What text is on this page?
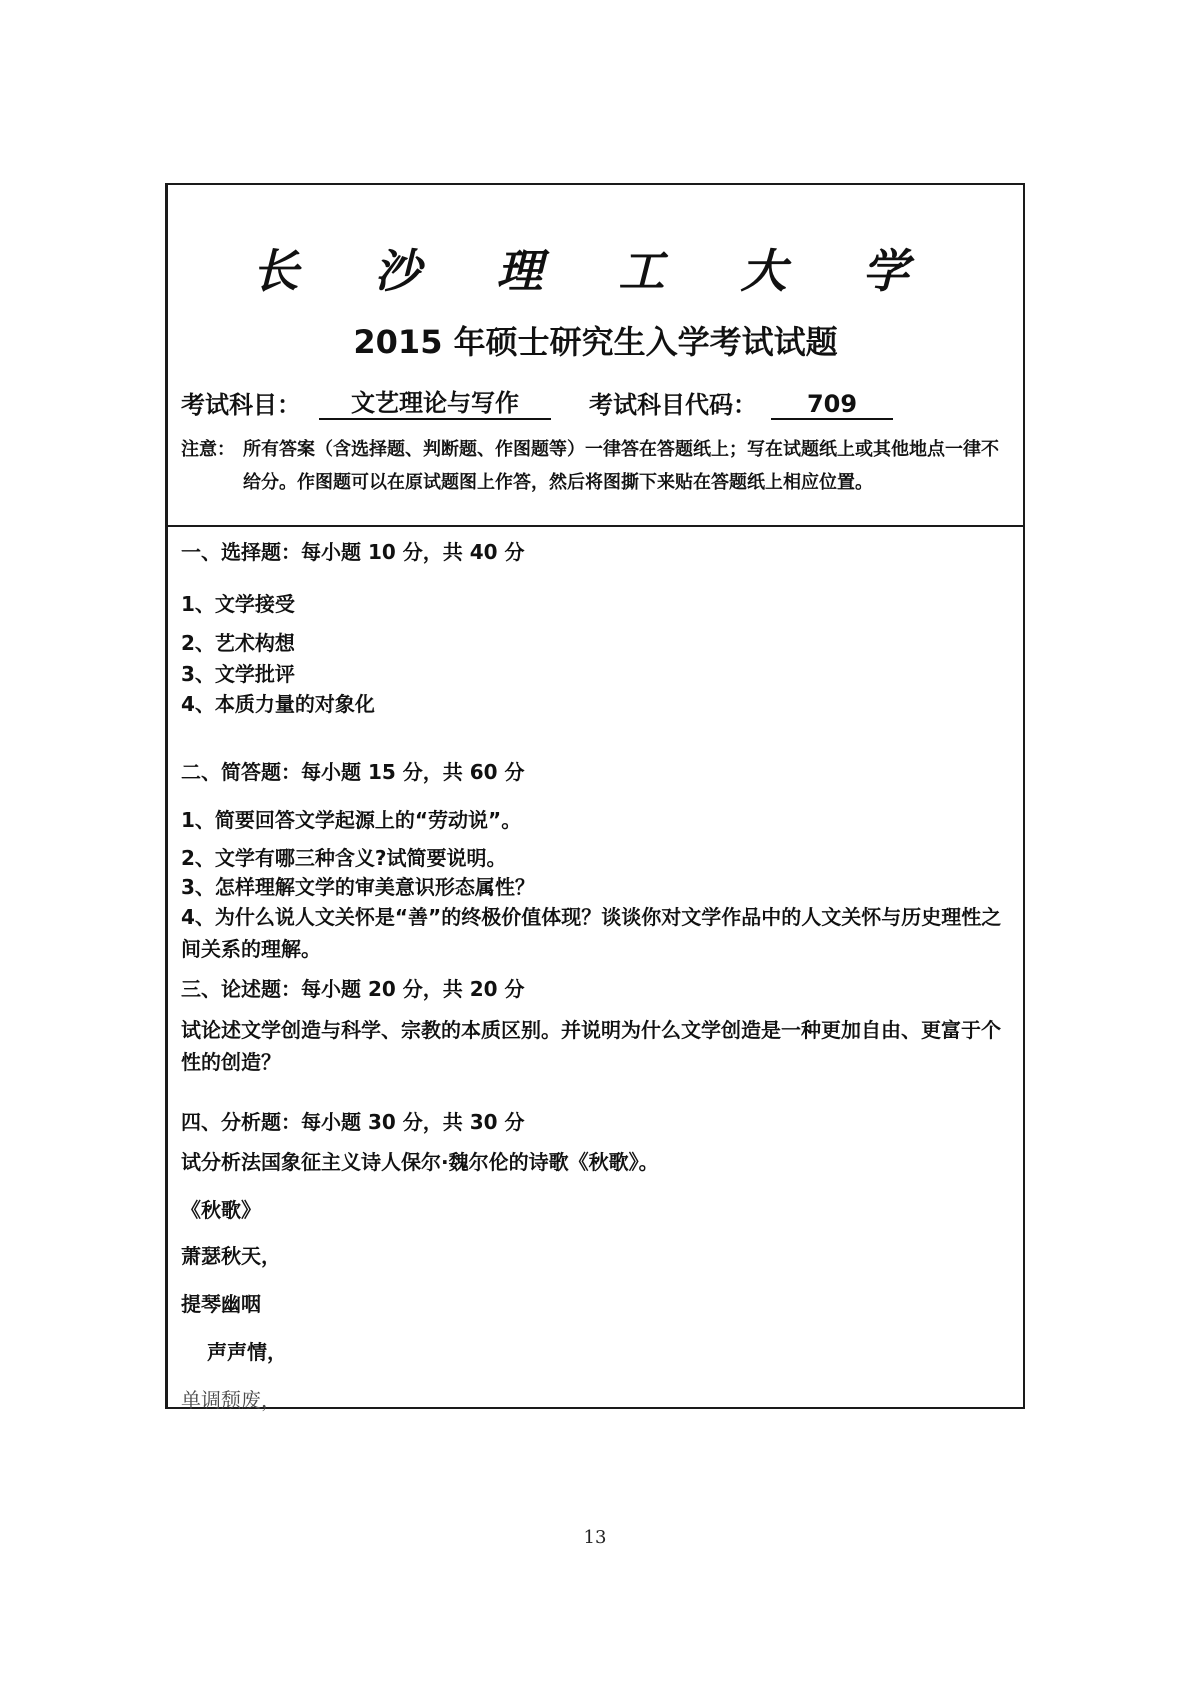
长 沙 理 工 大 学
2015 年硕士研究生入学考试试题
考试科目： 文艺理论与写作	考试科目代码： 709
注意： 所有答案（含选择题、判断题、作图题等）一律答在答题纸上；写在试题纸上或其他地点一律不给分。作图题可以在原试题图上作答，然后将图撕下来贴在答题纸上相应位置。
一、选择题：每小题 10 分，共 40 分
1、文学接受
2、艺术构想
3、文学批评
4、本质力量的对象化
二、简答题：每小题 15 分，共 60 分
1、简要回答文学起源上的“劳动说”。
2、文学有哪三种含义?试简要说明。
3、怎样理解文学的审美意识形态属性？
4、为什么说人文关怀是“善”的终极价值体现？谈谈你对文学作品中的人文关怀与历史理性之间关系的理解。
三、论述题：每小题 20 分，共 20 分
试论述文学创造与科学、宗教的本质区别。并说明为什么文学创造是一种更加自由、更富于个性的创造？
四、分析题：每小题 30 分，共 30 分
试分析法国象征主义诗人保尔·魏尔伦的诗歌《秋歌》。
《秋歌》
萧瑟秋天，
提琴幽咽
声声情，
单调颓废，
13
